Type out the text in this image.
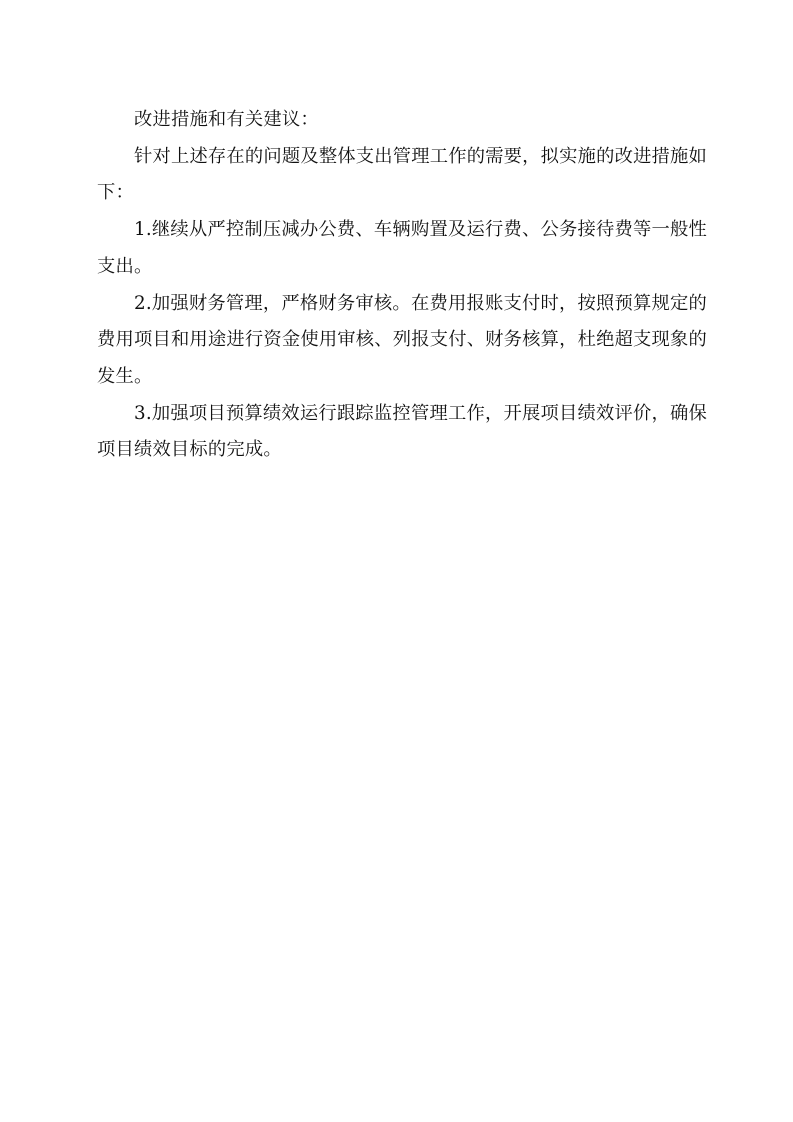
改进措施和有关建议：

针对上述存在的问题及整体支出管理工作的需要，拟实施的改进措施如下：

1.继续从严控制压减办公费、车辆购置及运行费、公务接待费等一般性支出。

2.加强财务管理，严格财务审核。在费用报账支付时，按照预算规定的费用项目和用途进行资金使用审核、列报支付、财务核算，杜绝超支现象的发生。

3.加强项目预算绩效运行跟踪监控管理工作，开展项目绩效评价，确保项目绩效目标的完成。
